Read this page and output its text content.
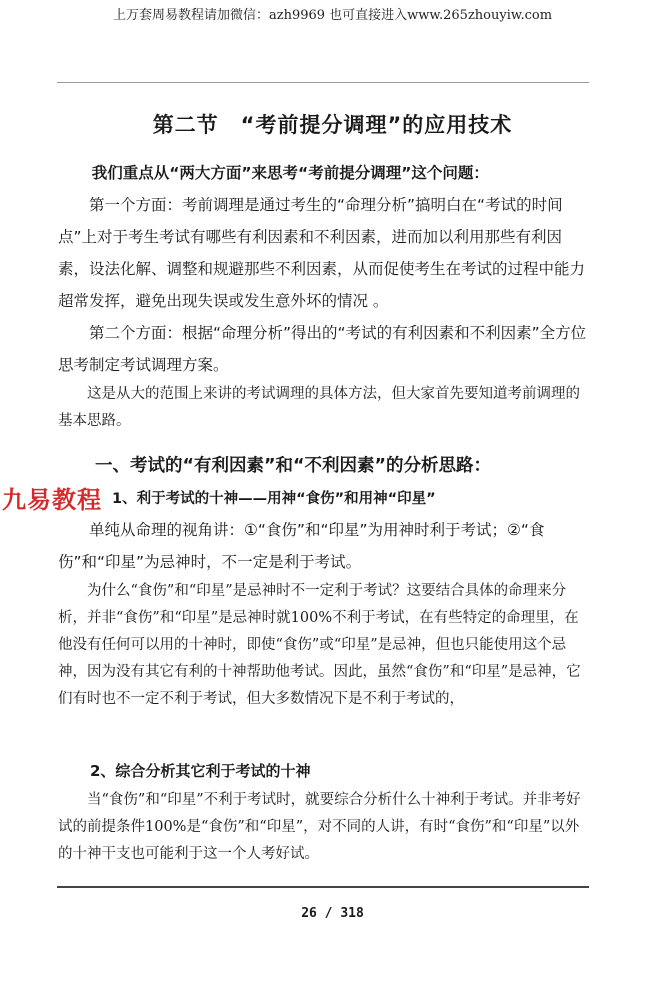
上万套周易教程请加微信：azh9969 也可直接进入www.265zhouyiw.com
第二节　“考前提分调理”的应用技术

我们重点从“两大方面”来思考“考前提分调理”这个问题：

第一个方面：考前调理是通过考生的“命理分析”搞明白在“考试的时间点”上对于考生考试有哪些有利因素和不利因素，进而加以利用那些有利因素，设法化解、调整和规避那些不利因素，从而促使考生在考试的过程中能力超常发挥，避免出现失误或发生意外坏的情况 。

第二个方面：根据“命理分析”得出的“考试的有利因素和不利因素”全方位思考制定考试调理方案。

这是从大的范围上来讲的考试调理的具体方法，但大家首先要知道考前调理的基本思路。

一、考试的“有利因素”和“不利因素”的分析思路：
1、利于考试的十神——用神“食伤”和用神“印星”
九易教程

单纯从命理的视角讲：①“食伤”和“印星”为用神时利于考试；②“食伤”和“印星”为忌神时，不一定是利于考试。

为什么“食伤”和“印星”是忌神时不一定利于考试？这要结合具体的命理来分析，并非“食伤”和“印星”是忌神时就100%不利于考试，在有些特定的命理里，在他没有任何可以用的十神时，即使“食伤”或“印星”是忌神，但也只能使用这个忌神，因为没有其它有利的十神帮助他考试。因此，虽然“食伤”和“印星”是忌神，它们有时也不一定不利于考试，但大多数情况下是不利于考试的，

2、综合分析其它利于考试的十神

当“食伤”和“印星”不利于考试时，就要综合分析什么十神利于考试。并非考好试的前提条件100%是“食伤”和“印星”，对不同的人讲，有时“食伤”和“印星”以外的十神干支也可能利于这一个人考好试。

26 / 318
